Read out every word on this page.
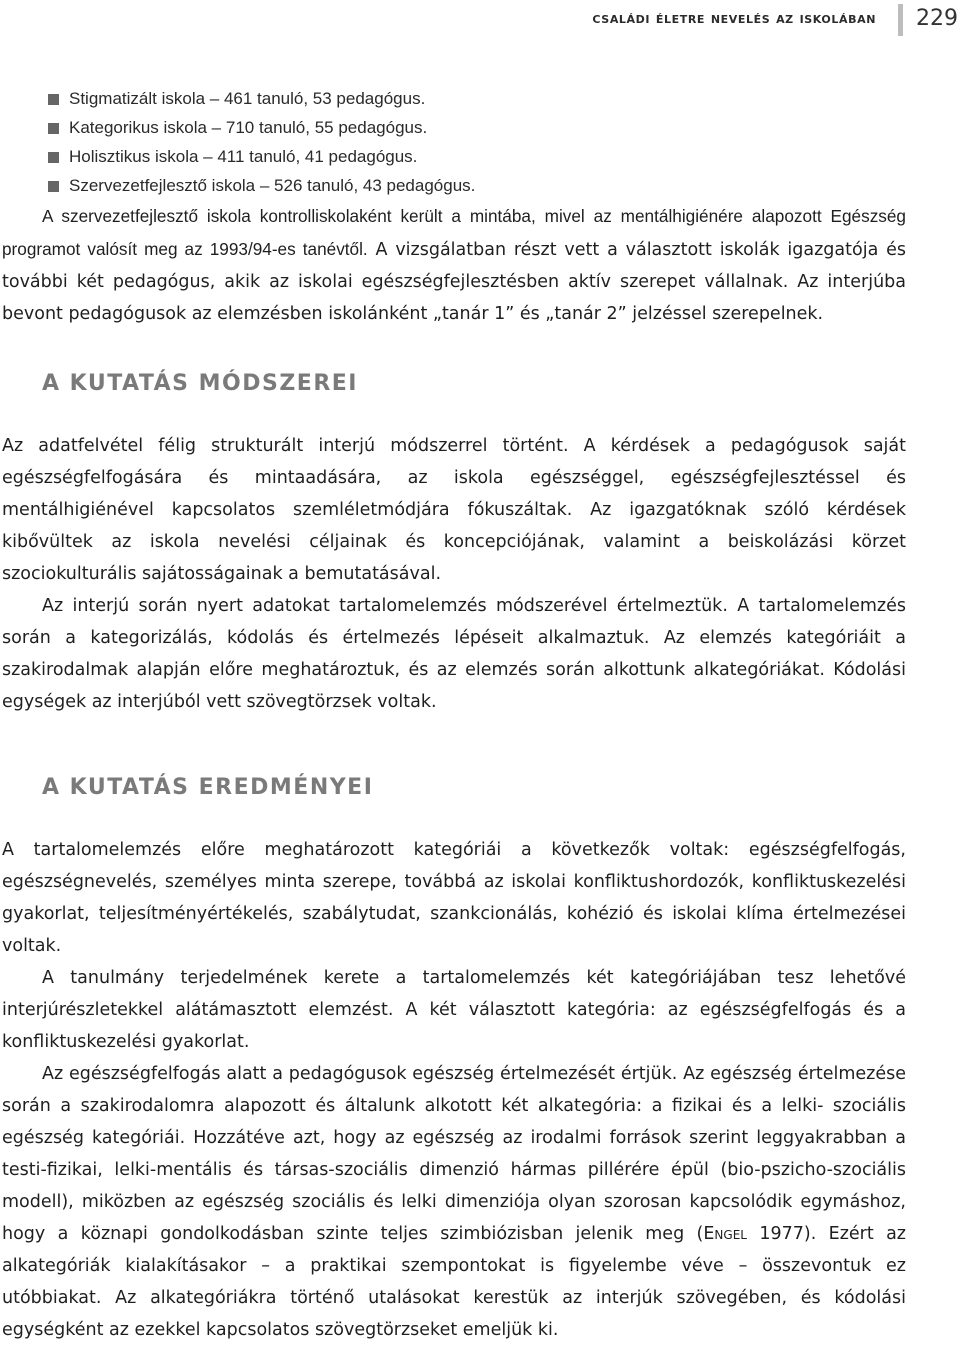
családi életre nevelés az iskolában 229
Stigmatizált iskola – 461 tanuló, 53 pedagógus.
Kategorikus iskola – 710 tanuló, 55 pedagógus.
Holisztikus iskola – 411 tanuló, 41 pedagógus.
Szervezetfejlesztő iskola – 526 tanuló, 43 pedagógus.

A szervezetfejlesztő iskola kontrolliskolaként került a mintába, mivel az mentálhigiénére alapozott Egészség programot valósít meg az 1993/94-es tanévtől. A vizsgálatban részt vett a választott iskolák igazgatója és további két pedagógus, akik az iskolai egészségfejlesztésben aktív szerepet vállalnak. Az interjúba bevont pedagógusok az elemzésben iskolánként „tanár 1” és „tanár 2” jelzéssel szerepelnek.

A KUTATÁS MÓDSZEREI

Az adatfelvétel félig strukturált interjú módszerrel történt. A kérdések a pedagógusok saját egészségfelfogására és mintaadására, az iskola egészséggel, egészségfejlesztéssel és mentálhigiénével kapcsolatos szemléletmódjára fókuszáltak. Az igazgatóknak szóló kérdések kibővültek az iskola nevelési céljainak és koncepciójának, valamint a beiskolázási körzet szociokulturális sajátosságainak a bemutatásával.

Az interjú során nyert adatokat tartalomelemzés módszerével értelmeztük. A tartalomelemzés során a kategorizálás, kódolás és értelmezés lépéseit alkalmaztuk. Az elemzés kategóriáit a szakirodalmak alapján előre meghatároztuk, és az elemzés során alkottunk alkategóriákat. Kódolási egységek az interjúból vett szövegtörzsek voltak.

A KUTATÁS EREDMÉNYEI

A tartalomelemzés előre meghatározott kategóriái a következők voltak: egészségfelfogás, egészségnevelés, személyes minta szerepe, továbbá az iskolai konfliktushordozók, konfliktuskezelési gyakorlat, teljesítményértékelés, szabálytudat, szankcionálás, kohézió és iskolai klíma értelmezései voltak.

A tanulmány terjedelmének kerete a tartalomelemzés két kategóriájában tesz lehetővé interjúrészletekkel alátámasztott elemzést. A két választott kategória: az egészségfelfogás és a konfliktuskezelési gyakorlat.

Az egészségfelfogás alatt a pedagógusok egészség értelmezését értjük. Az egészség értelmezése során a szakirodalomra alapozott és általunk alkotott két alkategória: a fizikai és a lelki- szociális egészség kategóriái. Hozzátéve azt, hogy az egészség az irodalmi források szerint leggyakrabban a testi-fizikai, lelki-mentális és társas-szociális dimenzió hármas pillérére épül (bio-pszicho-szociális modell), miközben az egészség szociális és lelki dimenziója olyan szorosan kapcsolódik egymáshoz, hogy a köznapi gondolkodásban szinte teljes szimbiózisban jelenik meg (Engel 1977). Ezért az alkategóriák kialakításakor – a praktikai szempontokat is figyelembe véve – összevontuk ez utóbbiakat. Az alkategóriákra történő utalásokat kerestük az interjúk szövegében, és kódolási egységként az ezekkel kapcsolatos szövegtörzseket emeljük ki.
